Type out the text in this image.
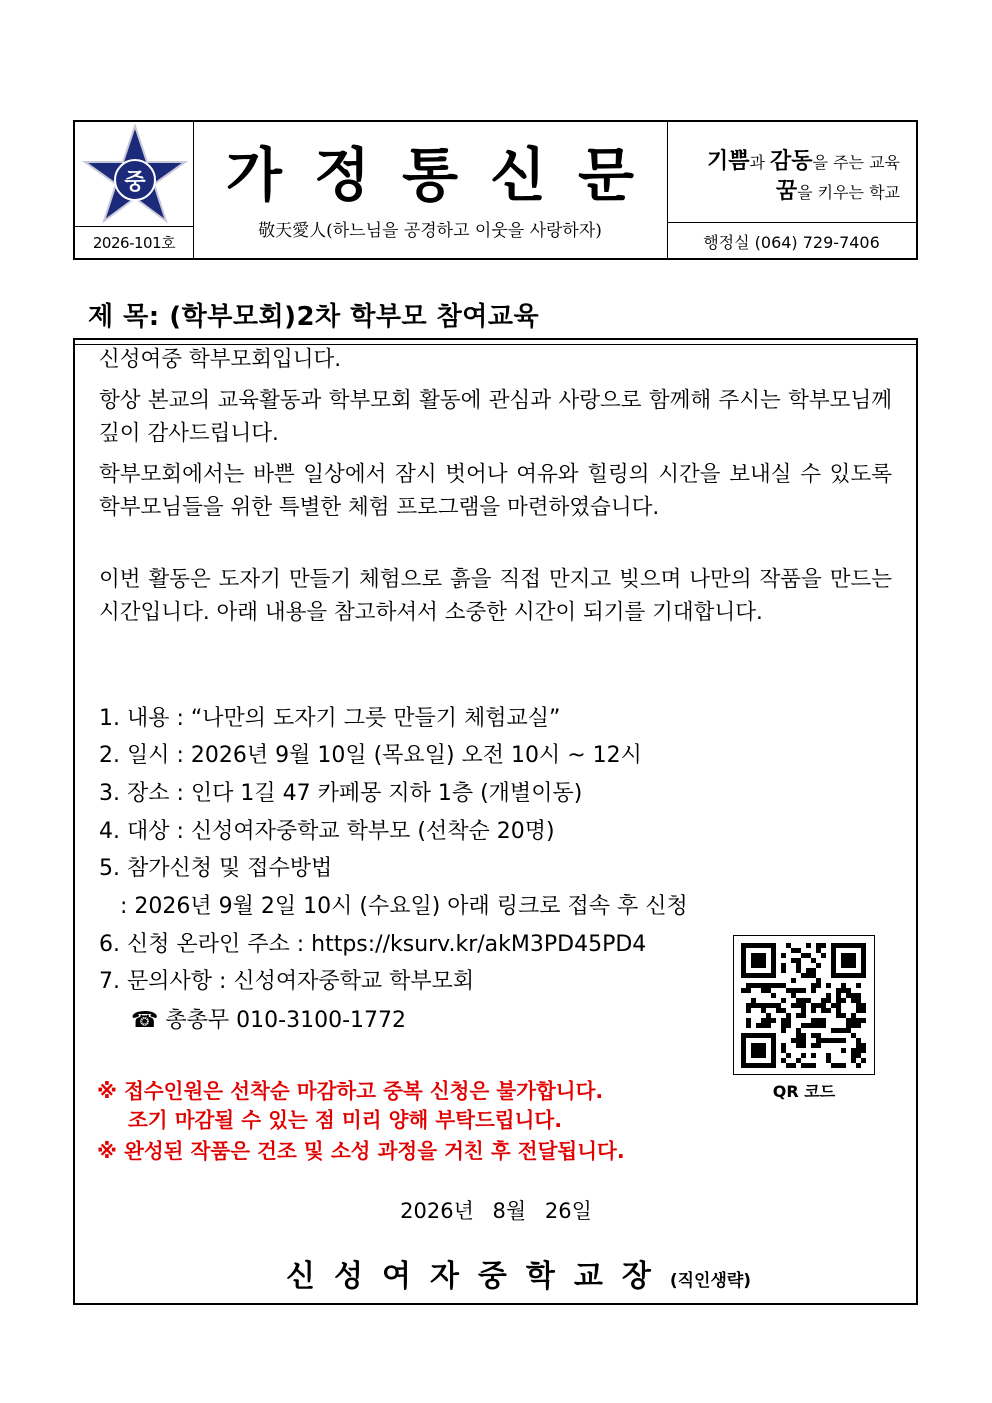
중
2026-101호
가정통신문
敬天愛人(하느님을 공경하고 이웃을 사랑하자)
기쁨과 감동을 주는 교육
꿈을 키우는 학교
행정실 (064) 729-7406
제 목: (학부모회)2차 학부모 참여교육
신성여중 학부모회입니다.
항상 본교의 교육활동과 학부모회 활동에 관심과 사랑으로 함께해 주시는 학부모님께 깊이 감사드립니다.
학부모회에서는 바쁜 일상에서 잠시 벗어나 여유와 힐링의 시간을 보내실 수 있도록 학부모님들을 위한 특별한 체험 프로그램을 마련하였습니다.
이번 활동은 도자기 만들기 체험으로 흙을 직접 만지고 빚으며 나만의 작품을 만드는 시간입니다. 아래 내용을 참고하셔서 소중한 시간이 되기를 기대합니다.
1. 내용 : “나만의 도자기 그릇 만들기 체험교실”
2. 일시 : 2026년 9월 10일 (목요일) 오전 10시 ~ 12시
3. 장소 : 인다 1길 47 카페몽 지하 1층 (개별이동)
4. 대상 : 신성여자중학교 학부모 (선착순 20명)
5. 참가신청 및 접수방법
: 2026년 9월 2일 10시 (수요일) 아래 링크로 접속 후 신청
6. 신청 온라인 주소 : https://ksurv.kr/akM3PD45PD4
7. 문의사항 : 신성여자중학교 학부모회
☎ 총총무 010-3100-1772
QR 코드
※ 접수인원은 선착순 마감하고 중복 신청은 불가합니다.
조기 마감될 수 있는 점 미리 양해 부탁드립니다.
※ 완성된 작품은 건조 및 소성 과정을 거친 후 전달됩니다.
2026년 8월 26일
신성여자중학교장(직인생략)
